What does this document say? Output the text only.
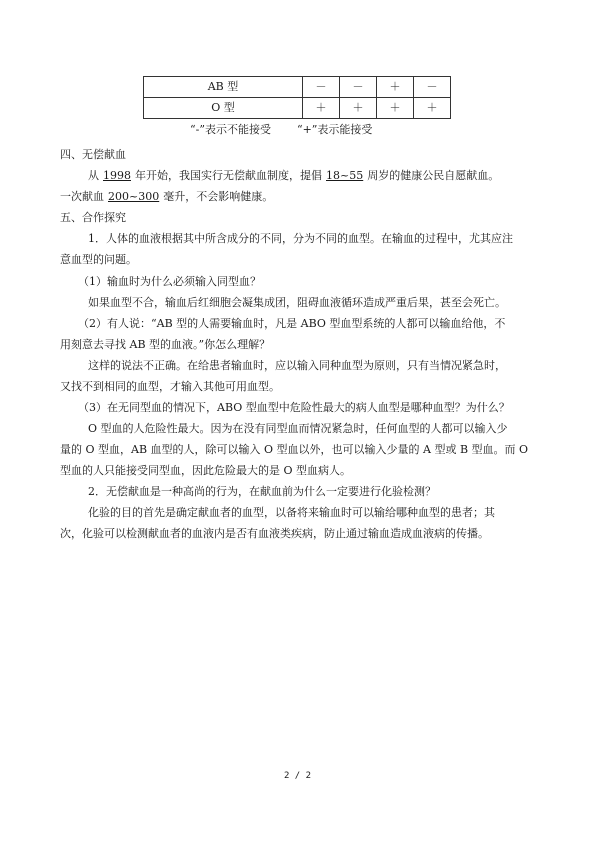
AB 型	－	－	＋	－
O 型	＋	＋	＋	＋
“-”表示不能接受 “+”表示能接受
四、无偿献血
从 1998 年开始，我国实行无偿献血制度，提倡 18~55 周岁的健康公民自愿献血。
一次献血 200~300 毫升，不会影响健康。
五、合作探究
1．人体的血液根据其中所含成分的不同，分为不同的血型。在输血的过程中，尤其应注
意血型的问题。
（1）输血时为什么必须输入同型血？
如果血型不合，输血后红细胞会凝集成团，阻碍血液循环造成严重后果，甚至会死亡。
（2）有人说：“AB 型的人需要输血时，凡是 ABO 型血型系统的人都可以输血给他，不
用刻意去寻找 AB 型的血液。”你怎么理解？
这样的说法不正确。在给患者输血时，应以输入同种血型为原则，只有当情况紧急时，
又找不到相同的血型，才输入其他可用血型。
（3）在无同型血的情况下，ABO 型血型中危险性最大的病人血型是哪种血型？为什么？
O 型血的人危险性最大。因为在没有同型血而情况紧急时，任何血型的人都可以输入少
量的 O 型血，AB 血型的人，除可以输入 O 型血以外，也可以输入少量的 A 型或 B 型血。而 O
型血的人只能接受同型血，因此危险最大的是 O 型血病人。
2．无偿献血是一种高尚的行为，在献血前为什么一定要进行化验检测？
化验的目的首先是确定献血者的血型，以备将来输血时可以输给哪种血型的患者；其
次，化验可以检测献血者的血液内是否有血液类疾病，防止通过输血造成血液病的传播。
2 / 2
